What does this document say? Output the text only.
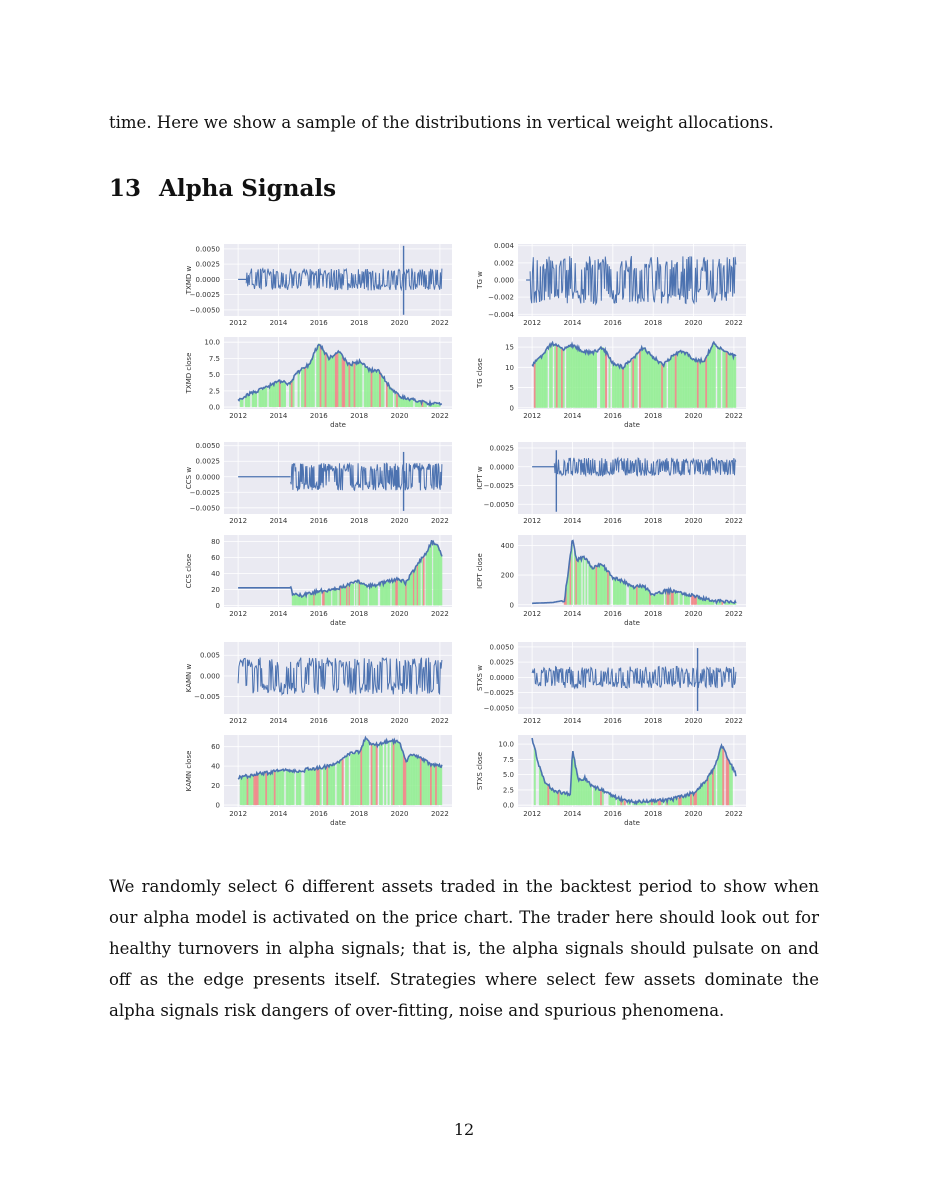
time. Here we show a sample of the distributions in vertical weight allocations.

13 Alpha Signals
0.0050
0.0025
0.0000
−0.0025
−0.0050
2012	2014	2016	2018	2020	2022
TXMD w
0.004
0.002
0.000
−0.002
−0.004
2012	2014	2016	2018	2020	2022
TG w
10.0
7.5
5.0
2.5
0.0
2012	2014	2016	2018	2020	2022
TXMD close
date
15
10
5
0
2012	2014	2016	2018	2020	2022
TG close
date
0.0050
0.0025
0.0000
−0.0025
−0.0050
2012	2014	2016	2018	2020	2022
CCS w
0.0025
0.0000
−0.0025
−0.0050
2012	2014	2016	2018	2020	2022
ICPT w
80
60
40
20
0
2012	2014	2016	2018	2020	2022
CCS close
date
400
200
0
2012	2014	2016	2018	2020	2022
ICPT close
date
0.005
0.000
−0.005
2012	2014	2016	2018	2020	2022
KAMN w
0.0050
0.0025
0.0000
−0.0025
−0.0050
2012	2014	2016	2018	2020	2022
STXS w
60
40
20
0
2012	2014	2016	2018	2020	2022
KAMN close
date
10.0
7.5
5.0
2.5
0.0
2012	2014	2016	2018	2020	2022
STXS close
date

We randomly select 6 different assets traded in the backtest period to show when our alpha model is activated on the price chart. The trader here should look out for healthy turnovers in alpha signals; that is, the alpha signals should pulsate on and off as the edge presents itself. Strategies where select few assets dominate the alpha signals risk dangers of over-fitting, noise and spurious phenomena.

12
